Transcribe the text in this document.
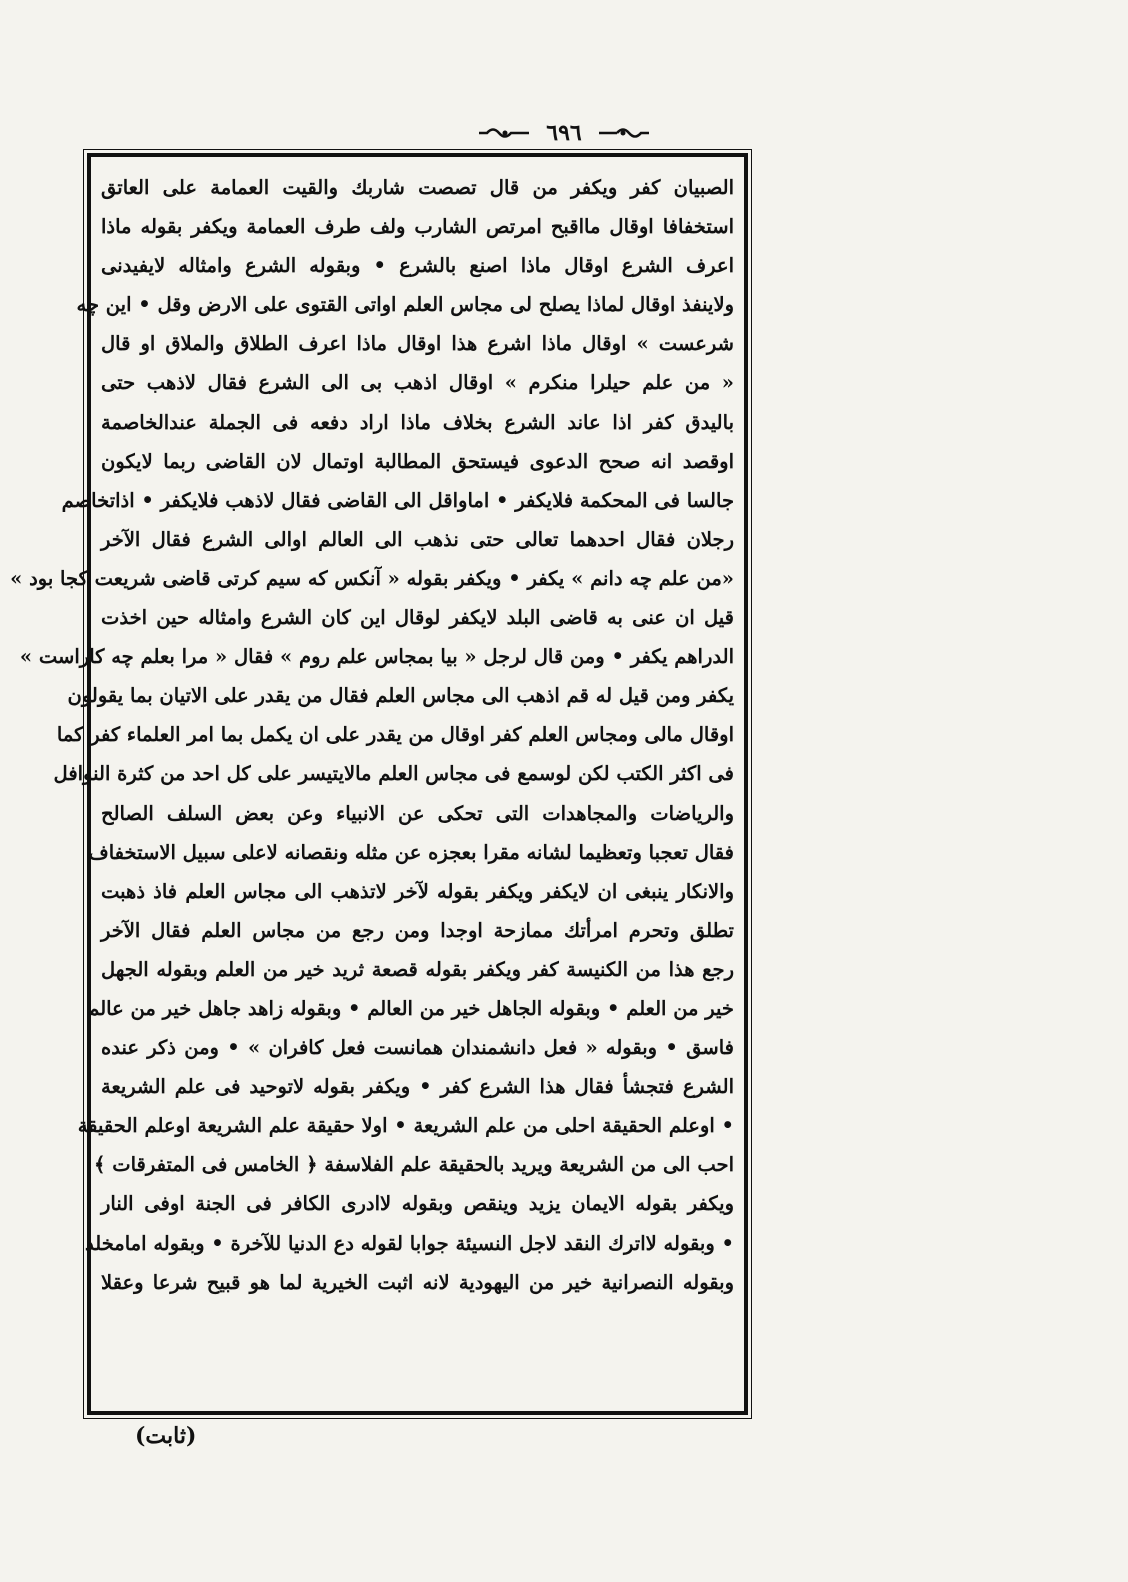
٦٩٦
الصبيان كفر ويكفر من قال تصصت شاربك والقيت العمامة على العاتق
استخفافا اوقال مااقبح امرتص الشارب ولف طرف العمامة ويكفر بقوله ماذا
اعرف الشرع اوقال ماذا اصنع بالشرع • وبقوله الشرع وامثاله لايفيدنى
ولاينفذ اوقال لماذا يصلح لى مجاس العلم اواتى القتوى على الارض وقل • اين چه
شرعست » اوقال ماذا اشرع هذا اوقال ماذا اعرف الطلاق والملاق او قال
« من علم حيلرا منكرم » اوقال اذهب بى الى الشرع فقال لاذهب حتى
باليدق كفر اذا عاند الشرع بخلاف ماذا اراد دفعه فى الجملة عندالخاصمة
اوقصد انه صحح الدعوى فيستحق المطالبة اوتمال لان القاضى ربما لايكون
جالسا فى المحكمة فلايكفر • اماواقل الى القاضى فقال لاذهب فلايكفر • اذاتخاصم
رجلان فقال احدهما تعالى حتى نذهب الى العالم اوالى الشرع فقال الآخر
«من علم چه دانم » يكفر • ويكفر بقوله « آنكس كه سيم كرتى قاضى شريعت كجا بود »
قيل ان عنى به قاضى البلد لايكفر لوقال اين كان الشرع وامثاله حين اخذت
الدراهم يكفر • ومن قال لرجل « بيا بمجاس علم روم » فقال « مرا بعلم چه كاراست »
يكفر ومن قيل له قم اذهب الى مجاس العلم فقال من يقدر على الاتيان بما يقولون
اوقال مالى ومجاس العلم كفر اوقال من يقدر على ان يكمل بما امر العلماء كفر كما
فى اكثر الكتب لكن لوسمع فى مجاس العلم مالايتيسر على كل احد من كثرة النوافل
والرياضات والمجاهدات التى تحكى عن الانبياء وعن بعض السلف الصالح
فقال تعجبا وتعظيما لشانه مقرا بعجزه عن مثله ونقصانه لاعلى سبيل الاستخفاف
والانكار ينبغى ان لايكفر ويكفر بقوله لآخر لاتذهب الى مجاس العلم فاذ ذهبت
تطلق وتحرم امرأتك ممازحة اوجدا ومن رجع من مجاس العلم فقال الآخر
رجع هذا من الكنيسة كفر ويكفر بقوله قصعة ثريد خير من العلم وبقوله الجهل
خير من العلم • وبقوله الجاهل خير من العالم • وبقوله زاهد جاهل خير من عالم
فاسق • وبقوله « فعل دانشمندان همانست فعل كافران » • ومن ذكر عنده
الشرع فتجشأ فقال هذا الشرع كفر • ويكفر بقوله لاتوحيد فى علم الشريعة
• اوعلم الحقيقة احلى من علم الشريعة • اولا حقيقة علم الشريعة اوعلم الحقيقة
احب الى من الشريعة ويريد بالحقيقة علم الفلاسفة ﴿ الخامس فى المتفرقات ﴾
ويكفر بقوله الايمان يزيد وينقص وبقوله لاادرى الكافر فى الجنة اوفى النار
• وبقوله لااترك النقد لاجل النسيئة جوابا لقوله دع الدنيا للآخرة • وبقوله امامخلد
وبقوله النصرانية خير من اليهودية لانه اثبت الخيرية لما هو قبيح شرعا وعقلا
(ثابت)
